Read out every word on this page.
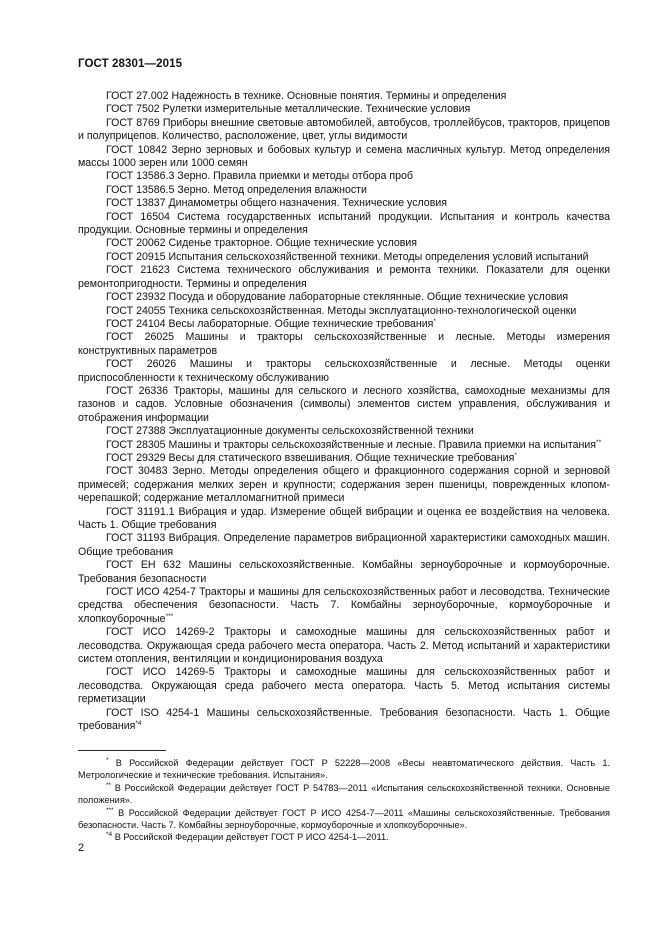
ГОСТ 28301—2015

ГОСТ 27.002 Надежность в технике. Основные понятия. Термины и определения

ГОСТ 7502 Рулетки измерительные металлические. Технические условия

ГОСТ 8769 Приборы внешние световые автомобилей, автобусов, троллейбусов, тракторов, прицепов и полуприцепов. Количество, расположение, цвет, углы видимости

ГОСТ 10842 Зерно зерновых и бобовых культур и семена масличных культур. Метод определения массы 1000 зерен или 1000 семян

ГОСТ 13586.3 Зерно. Правила приемки и методы отбора проб

ГОСТ 13586.5 Зерно. Метод определения влажности

ГОСТ 13837 Динамометры общего назначения. Технические условия

ГОСТ 16504 Система государственных испытаний продукции. Испытания и контроль качества продукции. Основные термины и определения

ГОСТ 20062 Сиденье тракторное. Общие технические условия

ГОСТ 20915 Испытания сельскохозяйственной техники. Методы определения условий испытаний

ГОСТ 21623 Система технического обслуживания и ремонта техники. Показатели для оценки ремонтопригодности. Термины и определения

ГОСТ 23932 Посуда и оборудование лабораторные стеклянные. Общие технические условия

ГОСТ 24055 Техника сельскохозяйственная. Методы эксплуатационно-технологической оценки

ГОСТ 24104 Весы лабораторные. Общие технические требования*

ГОСТ 26025 Машины и тракторы сельскохозяйственные и лесные. Методы измерения конструктивных параметров

ГОСТ 26026 Машины и тракторы сельскохозяйственные и лесные. Методы оценки приспособленности к техническому обслуживанию

ГОСТ 26336 Тракторы, машины для сельского и лесного хозяйства, самоходные механизмы для газонов и садов. Условные обозначения (символы) элементов систем управления, обслуживания и отображения информации

ГОСТ 27388 Эксплуатационные документы сельскохозяйственной техники

ГОСТ 28305 Машины и тракторы сельскохозяйственные и лесные. Правила приемки на испытания**

ГОСТ 29329 Весы для статического взвешивания. Общие технические требования*

ГОСТ 30483 Зерно. Методы определения общего и фракционного содержания сорной и зерновой примесей; содержания мелких зерен и крупности; содержания зерен пшеницы, поврежденных клопом-черепашкой; содержание металломагнитной примеси

ГОСТ 31191.1 Вибрация и удар. Измерение общей вибрации и оценка ее воздействия на человека. Часть 1. Общие требования

ГОСТ 31193 Вибрация. Определение параметров вибрационной характеристики самоходных машин. Общие требования

ГОСТ ЕН 632 Машины сельскохозяйственные. Комбайны зерноуборочные и кормоуборочные. Требования безопасности

ГОСТ ИСО 4254-7 Тракторы и машины для сельскохозяйственных работ и лесоводства. Технические средства обеспечения безопасности. Часть 7. Комбайны зерноуборочные, кормоуборочные и хлопкоуборочные***

ГОСТ ИСО 14269-2 Тракторы и самоходные машины для сельскохозяйственных работ и лесоводства. Окружающая среда рабочего места оператора. Часть 2. Метод испытаний и характеристики систем отопления, вентиляции и кондиционирования воздуха

ГОСТ ИСО 14269-5 Тракторы и самоходные машины для сельскохозяйственных работ и лесоводства. Окружающая среда рабочего места оператора. Часть 5. Метод испытания системы герметизации

ГОСТ ISO 4254-1 Машины сельскохозяйственные. Требования безопасности. Часть 1. Общие требования$^{*4}$

* В Российской Федерации действует ГОСТ Р 52228—2008 «Весы неавтоматического действия. Часть 1. Метрологические и технические требования. Испытания».

** В Российской Федерации действует ГОСТ Р 54783—2011 «Испытания сельскохозяйственной техники. Основные положения».

*** В Российской Федерации действует ГОСТ Р ИСО 4254-7—2011 «Машины сельскохозяйственные. Требования безопасности. Часть 7. Комбайны зерноуборочные, кормоуборочные и хлопкоуборочные».

$^{*4}$ В Российской Федерации действует ГОСТ Р ИСО 4254-1—2011.

2
